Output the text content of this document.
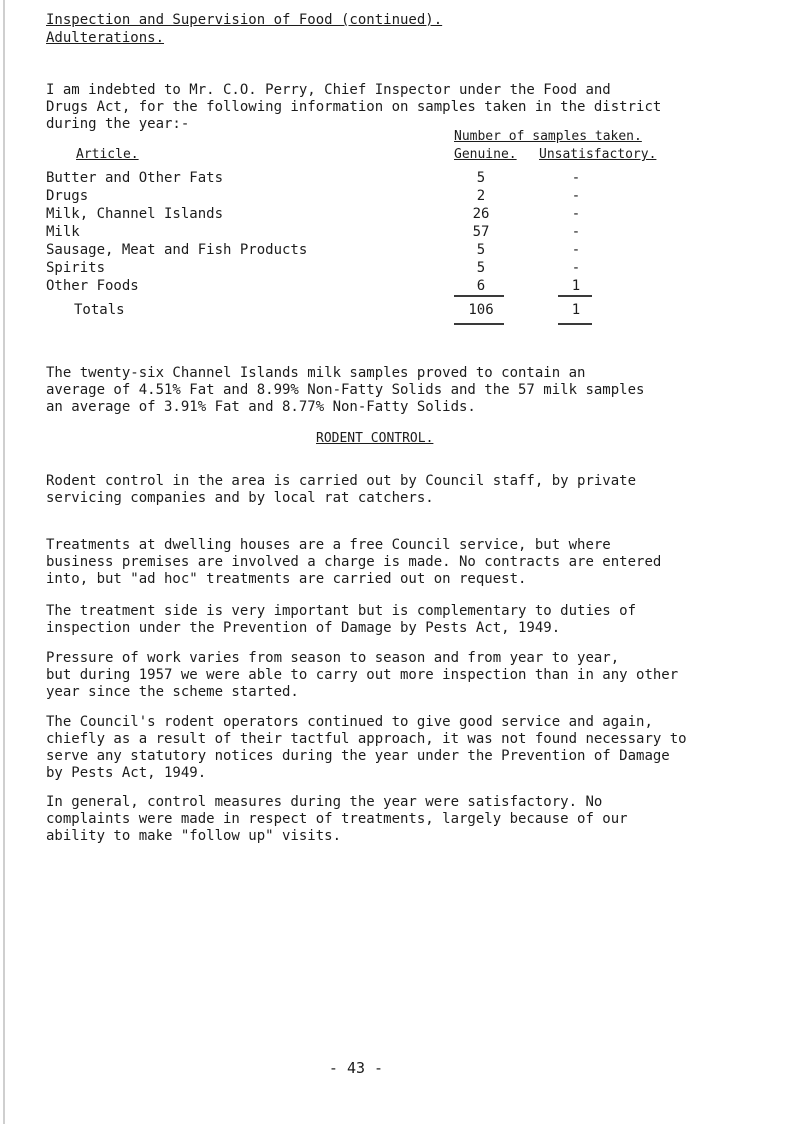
Inspection and Supervision of Food (continued).
Adulterations.
I am indebted to Mr. C.O. Perry, Chief Inspector under the Food and
Drugs Act, for the following information on samples taken in the district
during the year:-
Number of samples taken.
Article.	Genuine. Unsatisfactory.
Butter and Other Fats	5	-
Drugs	2	-
Milk, Channel Islands	26	-
Milk	57	-
Sausage, Meat and Fish Products	5	-
Spirits	5	-
Other Foods	6	1
Totals	106	1
The twenty-six Channel Islands milk samples proved to contain an
average of 4.51% Fat and 8.99% Non-Fatty Solids and the 57 milk samples
an average of 3.91% Fat and 8.77% Non-Fatty Solids.
RODENT CONTROL.
Rodent control in the area is carried out by Council staff, by private
servicing companies and by local rat catchers.
Treatments at dwelling houses are a free Council service, but where
business premises are involved a charge is made. No contracts are entered
into, but "ad hoc" treatments are carried out on request.
The treatment side is very important but is complementary to duties of
inspection under the Prevention of Damage by Pests Act, 1949.
Pressure of work varies from season to season and from year to year,
but during 1957 we were able to carry out more inspection than in any other
year since the scheme started.
The Council's rodent operators continued to give good service and again,
chiefly as a result of their tactful approach, it was not found necessary to
serve any statutory notices during the year under the Prevention of Damage
by Pests Act, 1949.
In general, control measures during the year were satisfactory. No
complaints were made in respect of treatments, largely because of our
ability to make "follow up" visits.
- 43 -
